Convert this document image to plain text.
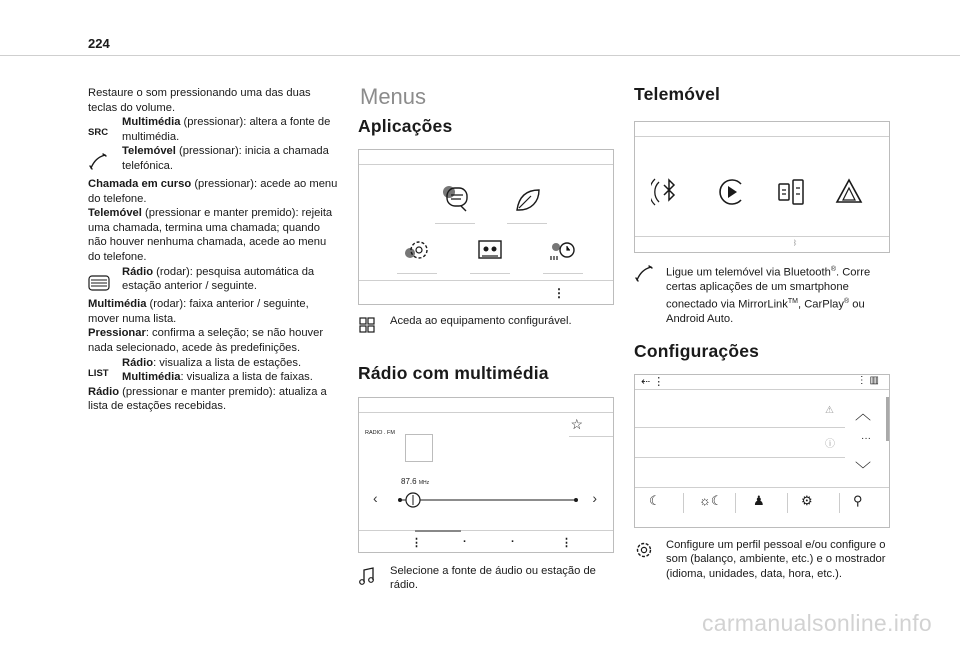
224

Restaure o som pressionando uma das duas teclas do volume.

SRC
Multimédia (pressionar): altera a fonte de multimédia.
Telemóvel (pressionar): inicia a chamada telefónica.

Chamada em curso (pressionar): acede ao menu do telefone.

Telemóvel (pressionar e manter premido): rejeita uma chamada, termina uma chamada; quando não houver nenhuma chamada, acede ao menu do telefone.

Rádio (rodar): pesquisa automática da estação anterior / seguinte.

Multimédia (rodar): faixa anterior / seguinte, mover numa lista.

Pressionar: confirma a seleção; se não houver nada selecionado, acede às predefinições.

LIST
Rádio: visualiza a lista de estações.
Multimédia: visualiza a lista de faixas.

Rádio (pressionar e manter premido): atualiza a lista de estações recebidas.

Menus
Aplicações
⋮
Aceda ao equipamento configurável.
Rádio com multimédia
RADIO . FM
☆
87.6 MHz
‹	›
⋮	·	·	⋮
Selecione a fonte de áudio ou estação de rádio.
Telemóvel
ᛒ
Ligue um telemóvel via Bluetooth®. Corre certas aplicações de um smartphone conectado via MirrorLink™, CarPlay® ou Android Auto.
Configurações
⇠ ⋮	⋮ ▥
⚠
ⓘ
︿
···
﹀
☾	☼☾ ♟	⚙	⚲
Configure um perfil pessoal e/ou configure o som (balanço, ambiente, etc.) e o mostrador (idioma, unidades, data, hora, etc.).
carmanualsonline.info
